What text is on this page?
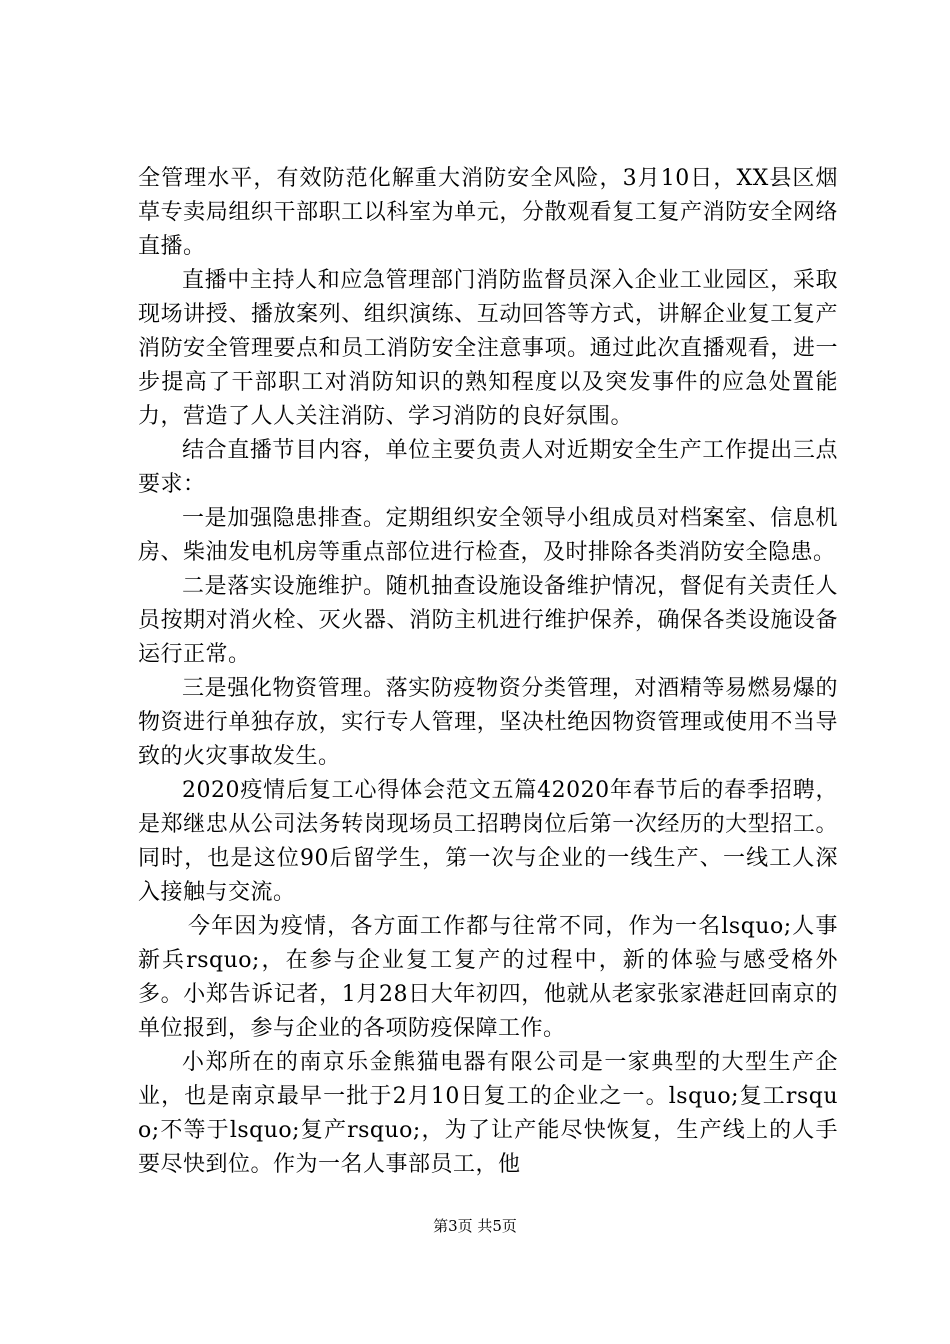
全管理水平，有效防范化解重大消防安全风险，3月10日，XX县区烟草专卖局组织干部职工以科室为单元，分散观看复工复产消防安全网络直播。

直播中主持人和应急管理部门消防监督员深入企业工业园区，采取现场讲授、播放案列、组织演练、互动回答等方式，讲解企业复工复产消防安全管理要点和员工消防安全注意事项。通过此次直播观看，进一步提高了干部职工对消防知识的熟知程度以及突发事件的应急处置能力，营造了人人关注消防、学习消防的良好氛围。

结合直播节目内容，单位主要负责人对近期安全生产工作提出三点要求：

一是加强隐患排查。定期组织安全领导小组成员对档案室、信息机房、柴油发电机房等重点部位进行检查，及时排除各类消防安全隐患。

二是落实设施维护。随机抽查设施设备维护情况，督促有关责任人员按期对消火栓、灭火器、消防主机进行维护保养，确保各类设施设备运行正常。

三是强化物资管理。落实防疫物资分类管理，对酒精等易燃易爆的物资进行单独存放，实行专人管理，坚决杜绝因物资管理或使用不当导致的火灾事故发生。

2020疫情后复工心得体会范文五篇42020年春节后的春季招聘，是郑继忠从公司法务转岗现场员工招聘岗位后第一次经历的大型招工。同时，也是这位90后留学生，第一次与企业的一线生产、一线工人深入接触与交流。

今年因为疫情，各方面工作都与往常不同，作为一名lsquo;人事新兵rsquo;，在参与企业复工复产的过程中，新的体验与感受格外多。小郑告诉记者，1月28日大年初四，他就从老家张家港赶回南京的单位报到，参与企业的各项防疫保障工作。

小郑所在的南京乐金熊猫电器有限公司是一家典型的大型生产企业，也是南京最早一批于2月10日复工的企业之一。lsquo;复工rsquo;不等于lsquo;复产rsquo;，为了让产能尽快恢复，生产线上的人手要尽快到位。作为一名人事部员工，他

第3页 共5页
